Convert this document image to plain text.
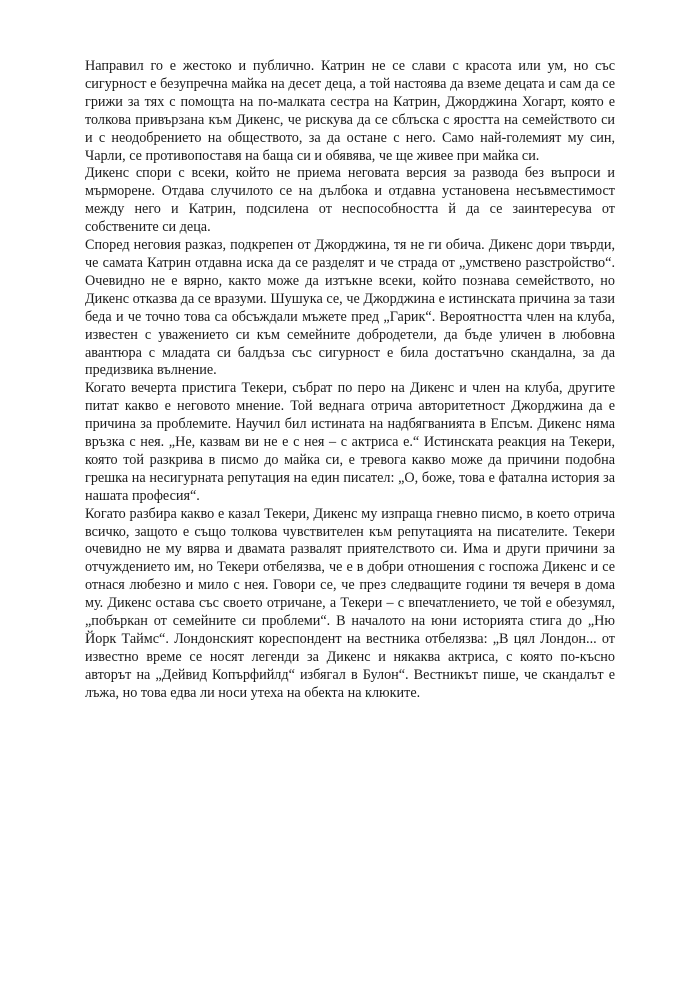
Направил го е жестоко и публично. Катрин не се слави с красота или ум, но със сигурност е безупречна майка на десет деца, а той настоява да вземе децата и сам да се грижи за тях с помощта на по-малката сестра на Катрин, Джорджина Хогарт, която е толкова привързана към Дикенс, че рискува да се сблъска с яростта на семейството си и с неодобрението на обществото, за да остане с него. Само най-големият му син, Чарли, се противопоставя на баща си и обявява, че ще живее при майка си.

Дикенс спори с всеки, който не приема неговата версия за развода без въпроси и мърморене. Отдава случилото се на дълбока и отдавна установена несъвместимост между него и Катрин, подсилена от неспособността й да се заинтересува от собствените си деца.

Според неговия разказ, подкрепен от Джорджина, тя не ги обича. Дикенс дори твърди, че самата Катрин отдавна иска да се разделят и че страда от „умствено разстройство“. Очевидно не е вярно, както може да изтъкне всеки, който познава семейството, но Дикенс отказва да се вразуми. Шушука се, че Джорджина е истинската причина за тази беда и че точно това са обсъждали мъжете пред „Гарик“. Вероятността член на клуба, известен с уважението си към семейните добродетели, да бъде уличен в любовна авантюра с младата си балдъза със сигурност е била достатъчно скандална, за да предизвика вълнение.

Когато вечерта пристига Текери, събрат по перо на Дикенс и член на клуба, другите питат какво е неговото мнение. Той веднага отрича авторитетност Джорджина да е причина за проблемите. Научил бил истината на надбягванията в Епсъм. Дикенс няма връзка с нея. „Не, казвам ви не е с нея – с актриса е.“ Истинската реакция на Текери, която той разкрива в писмо до майка си, е тревога какво може да причини подобна грешка на несигурната репутация на един писател: „О, боже, това е фатална история за нашата професия“.

Когато разбира какво е казал Текери, Дикенс му изпраща гневно писмо, в което отрича всичко, защото е също толкова чувствителен към репутацията на писателите. Текери очевидно не му вярва и двамата развалят приятелството си. Има и други причини за отчуждението им, но Текери отбелязва, че е в добри отношения с госпожа Дикенс и се отнася любезно и мило с нея. Говори се, че през следващите години тя вечеря в дома му. Дикенс остава със своето отричане, а Текери – с впечатлението, че той е обезумял, „побъркан от семейните си проблеми“. В началото на юни историята стига до „Ню Йорк Таймс“. Лондонският кореспондент на вестника отбелязва: „В цял Лондон... от известно време се носят легенди за Дикенс и някаква актриса, с която по-късно авторът на „Дейвид Копърфийлд“ избягал в Булон“. Вестникът пише, че скандалът е лъжа, но това едва ли носи утеха на обекта на клюките.
